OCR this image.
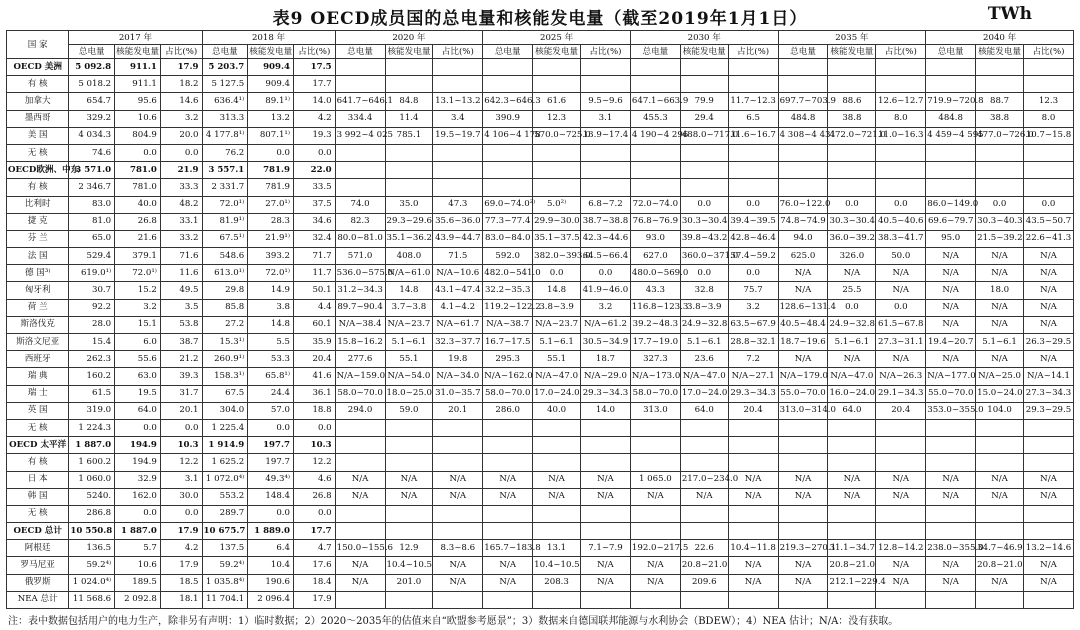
表9 OECD成员国的总电量和核能发电量（截至2019年1月1日）	TWh
国 家	2017 年			2018 年			2020 年			2025 年			2030 年			2035 年			2040 年		
	总电量	核能发电量	占比(%)	总电量	核能发电量	占比(%)	总电量	核能发电量	占比(%)	总电量	核能发电量	占比(%)	总电量	核能发电量	占比(%)	总电量	核能发电量	占比(%)	总电量	核能发电量	占比(%)
OECD 美洲	5 092.8	911.1	17.9	5 203.7	909.4	17.5															
有 核	5 018.2	911.1	18.2	5 127.5	909.4	17.7															
加拿大	654.7	95.6	14.6	636.4¹⁾	89.1¹⁾	14.0	641.7~646.1	84.8	13.1~13.2	642.3~646.3	61.6	9.5~9.6	647.1~663.9	79.9	11.7~12.3	697.7~703.9	88.6	12.6~12.7	719.9~720.8	88.7	12.3
墨西哥	329.2	10.6	3.2	313.3	13.2	4.2	334.4	11.4	3.4	390.9	12.3	3.1	455.3	29.4	6.5	484.8	38.8	8.0	484.8	38.8	8.0
美 国	4 034.3	804.9	20.0	4 177.8¹⁾	807.1¹⁾	19.3	3 992~4 025	785.1	19.5~19.7	4 106~4 178	570.0~725.0	13.9~17.4	4 190~4 296	488.0~717.0	11.6~16.7	4 308~4 431	472.0~721.0	11.0~16.3	4 459~4 595	477.0~726.0	10.7~15.8
无 核	74.6	0.0	0.0	76.2	0.0	0.0															
OECD欧洲、中东	3 571.0	781.0	21.9	3 557.1	781.9	22.0															
有 核	2 346.7	781.0	33.3	2 331.7	781.9	33.5															
比利时	83.0	40.0	48.2	72.0¹⁾	27.0¹⁾	37.5	74.0	35.0	47.3	69.0~74.0²⁾	5.0²⁾	6.8~7.2	72.0~74.0	0.0	0.0	76.0~122.0	0.0	0.0	86.0~149.0	0.0	0.0
捷 克	81.0	26.8	33.1	81.9¹⁾	28.3	34.6	82.3	29.3~29.6	35.6~36.0	77.3~77.4	29.9~30.0	38.7~38.8	76.8~76.9	30.3~30.4	39.4~39.5	74.8~74.9	30.3~30.4	40.5~40.6	69.6~79.7	30.3~40.3	43.5~50.7
芬 兰	65.0	21.6	33.2	67.5¹⁾	21.9¹⁾	32.4	80.0~81.0	35.1~36.2	43.9~44.7	83.0~84.0	35.1~37.5	42.3~44.6	93.0	39.8~43.2	42.8~46.4	94.0	36.0~39.2	38.3~41.7	95.0	21.5~39.2	22.6~41.3
法 国	529.4	379.1	71.6	548.6	393.2	71.7	571.0	408.0	71.5	592.0	382.0~393.0	64.5~66.4	627.0	360.0~371.0	57.4~59.2	625.0	326.0	50.0	N/A	N/A	N/A
德 国³⁾	619.0¹⁾	72.0¹⁾	11.6	613.0¹⁾	72.0¹⁾	11.7	536.0~575.0	N/A~61.0	N/A~10.6	482.0~541.0	0.0	0.0	480.0~569.0	0.0	0.0	N/A	N/A	N/A	N/A	N/A	N/A
匈牙利	30.7	15.2	49.5	29.8	14.9	50.1	31.2~34.3	14.8	43.1~47.4	32.2~35.3	14.8	41.9~46.0	43.3	32.8	75.7	N/A	25.5	N/A	N/A	18.0	N/A
荷 兰	92.2	3.2	3.5	85.8	3.8	4.4	89.7~90.4	3.7~3.8	4.1~4.2	119.2~122.2	3.8~3.9	3.2	116.8~123.3	3.8~3.9	3.2	128.6~131.4	0.0	0.0	N/A	N/A	N/A
斯洛伐克	28.0	15.1	53.8	27.2	14.8	60.1	N/A~38.4	N/A~23.7	N/A~61.7	N/A~38.7	N/A~23.7	N/A~61.2	39.2~48.3	24.9~32.8	63.5~67.9	40.5~48.4	24.9~32.8	61.5~67.8	N/A	N/A	N/A
斯洛文尼亚	15.4	6.0	38.7	15.3¹⁾	5.5	35.9	15.8~16.2	5.1~6.1	32.3~37.7	16.7~17.5	5.1~6.1	30.5~34.9	17.7~19.0	5.1~6.1	28.8~32.1	18.7~19.6	5.1~6.1	27.3~31.1	19.4~20.7	5.1~6.1	26.3~29.5
西班牙	262.3	55.6	21.2	260.9¹⁾	53.3	20.4	277.6	55.1	19.8	295.3	55.1	18.7	327.3	23.6	7.2	N/A	N/A	N/A	N/A	N/A	N/A
瑞 典	160.2	63.0	39.3	158.3¹⁾	65.8¹⁾	41.6	N/A~159.0	N/A~54.0	N/A~34.0	N/A~162.0	N/A~47.0	N/A~29.0	N/A~173.0	N/A~47.0	N/A~27.1	N/A~179.0	N/A~47.0	N/A~26.3	N/A~177.0	N/A~25.0	N/A~14.1
瑞 士	61.5	19.5	31.7	67.5	24.4	36.1	58.0~70.0	18.0~25.0	31.0~35.7	58.0~70.0	17.0~24.0	29.3~34.3	58.0~70.0	17.0~24.0	29.3~34.3	55.0~70.0	16.0~24.0	29.1~34.3	55.0~70.0	15.0~24.0	27.3~34.3
英 国	319.0	64.0	20.1	304.0	57.0	18.8	294.0	59.0	20.1	286.0	40.0	14.0	313.0	64.0	20.4	313.0~314.0	64.0	20.4	353.0~355.0	104.0	29.3~29.5
无 核	1 224.3	0.0	0.0	1 225.4	0.0	0.0															
OECD 太平洋	1 887.0	194.9	10.3	1 914.9	197.7	10.3															
有 核	1 600.2	194.9	12.2	1 625.2	197.7	12.2															
日 本	1 060.0	32.9	3.1	1 072.0⁴⁾	49.3⁴⁾	4.6	N/A	N/A	N/A	N/A	N/A	N/A	1 065.0	217.0~234.0	N/A	N/A	N/A	N/A	N/A	N/A	N/A
韩 国	5240.	162.0	30.0	553.2	148.4	26.8	N/A	N/A	N/A	N/A	N/A	N/A	N/A	N/A	N/A	N/A	N/A	N/A	N/A	N/A	N/A
无 核	286.8	0.0	0.0	289.7	0.0	0.0															
OECD 总计	10 550.8	1 887.0	17.9	10 675.7	1 889.0	17.7															
阿根廷	136.5	5.7	4.2	137.5	6.4	4.7	150.0~155.6	12.9	8.3~8.6	165.7~183.8	13.1	7.1~7.9	192.0~217.5	22.6	10.4~11.8	219.3~270.1	31.1~34.7	12.8~14.2	238.0~355.0	34.7~46.9	13.2~14.6
罗马尼亚	59.2⁴⁾	10.6	17.9	59.2⁴⁾	10.4	17.6	N/A	10.4~10.5	N/A	N/A	10.4~10.5	N/A	N/A	20.8~21.0	N/A	N/A	20.8~21.0	N/A	N/A	20.8~21.0	N/A
俄罗斯	1 024.0⁴⁾	189.5	18.5	1 035.8⁴⁾	190.6	18.4	N/A	201.0	N/A	N/A	208.3	N/A	N/A	209.6	N/A	N/A	212.1~229.4	N/A	N/A	N/A	N/A
NEA 总计	11 568.6	2 092.8	18.1	11 704.1	2 096.4	17.9															
注：表中数据包括用户的电力生产，除非另有声明：1）临时数据；2）2020～2035年的估值来自“欧盟参考愿景”；3）数据来自德国联邦能源与水利协会（BDEW）；4）NEA 估计；N/A：没有获取。
